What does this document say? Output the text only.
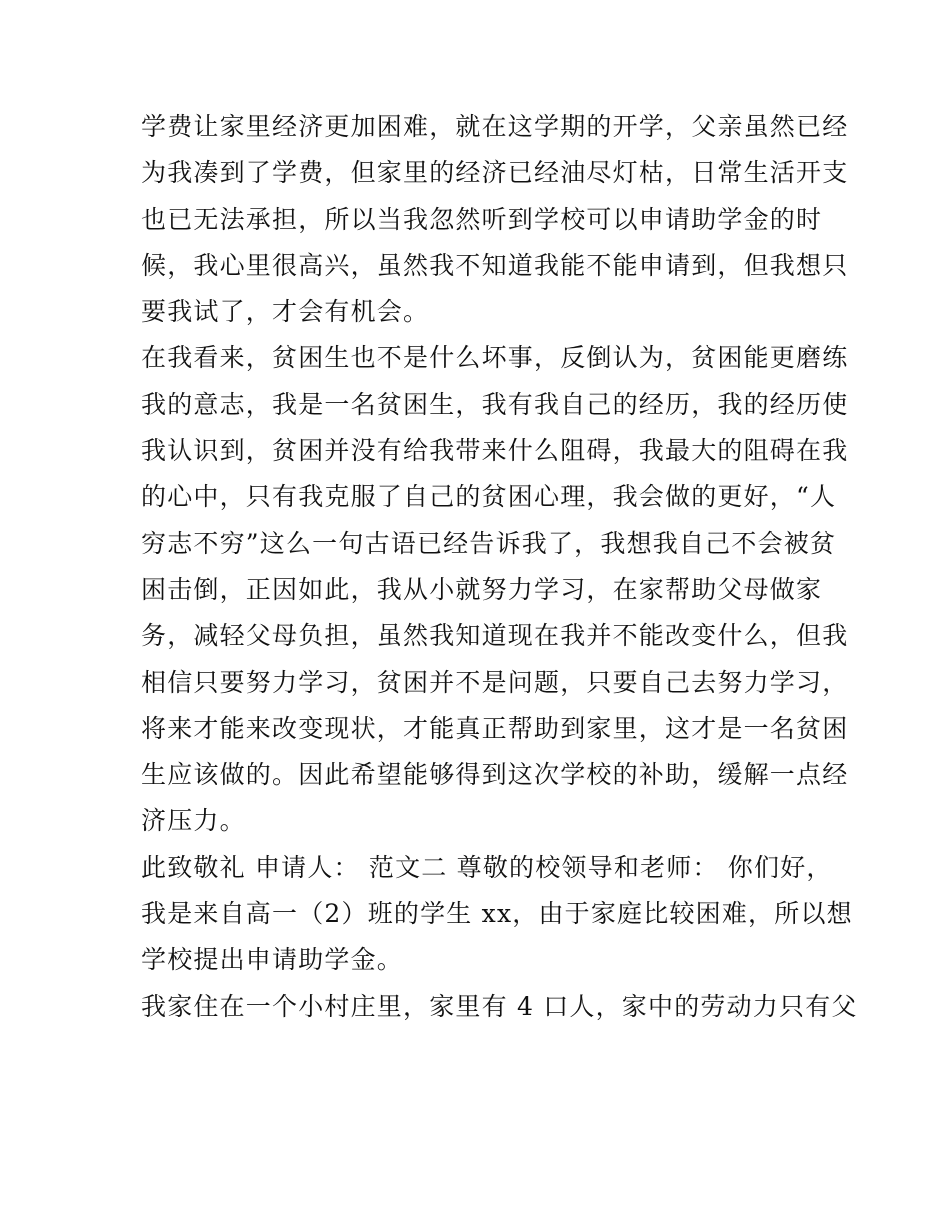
学费让家里经济更加困难，就在这学期的开学，父亲虽然已经
为我凑到了学费，但家里的经济已经油尽灯枯，日常生活开支
也已无法承担，所以当我忽然听到学校可以申请助学金的时
候，我心里很高兴，虽然我不知道我能不能申请到，但我想只
要我试了，才会有机会。
在我看来，贫困生也不是什么坏事，反倒认为，贫困能更磨练
我的意志，我是一名贫困生，我有我自己的经历，我的经历使
我认识到，贫困并没有给我带来什么阻碍，我最大的阻碍在我
的心中，只有我克服了自己的贫困心理，我会做的更好，“人
穷志不穷”这么一句古语已经告诉我了，我想我自己不会被贫
困击倒，正因如此，我从小就努力学习，在家帮助父母做家
务，减轻父母负担，虽然我知道现在我并不能改变什么，但我
相信只要努力学习，贫困并不是问题，只要自己去努力学习，
将来才能来改变现状，才能真正帮助到家里，这才是一名贫困
生应该做的。因此希望能够得到这次学校的补助，缓解一点经
济压力。
此致敬礼 申请人： 范文二 尊敬的校领导和老师： 你们好，
我是来自高一（2）班的学生 xx，由于家庭比较困难，所以想
学校提出申请助学金。
我家住在一个小村庄里，家里有 4 口人，家中的劳动力只有父
